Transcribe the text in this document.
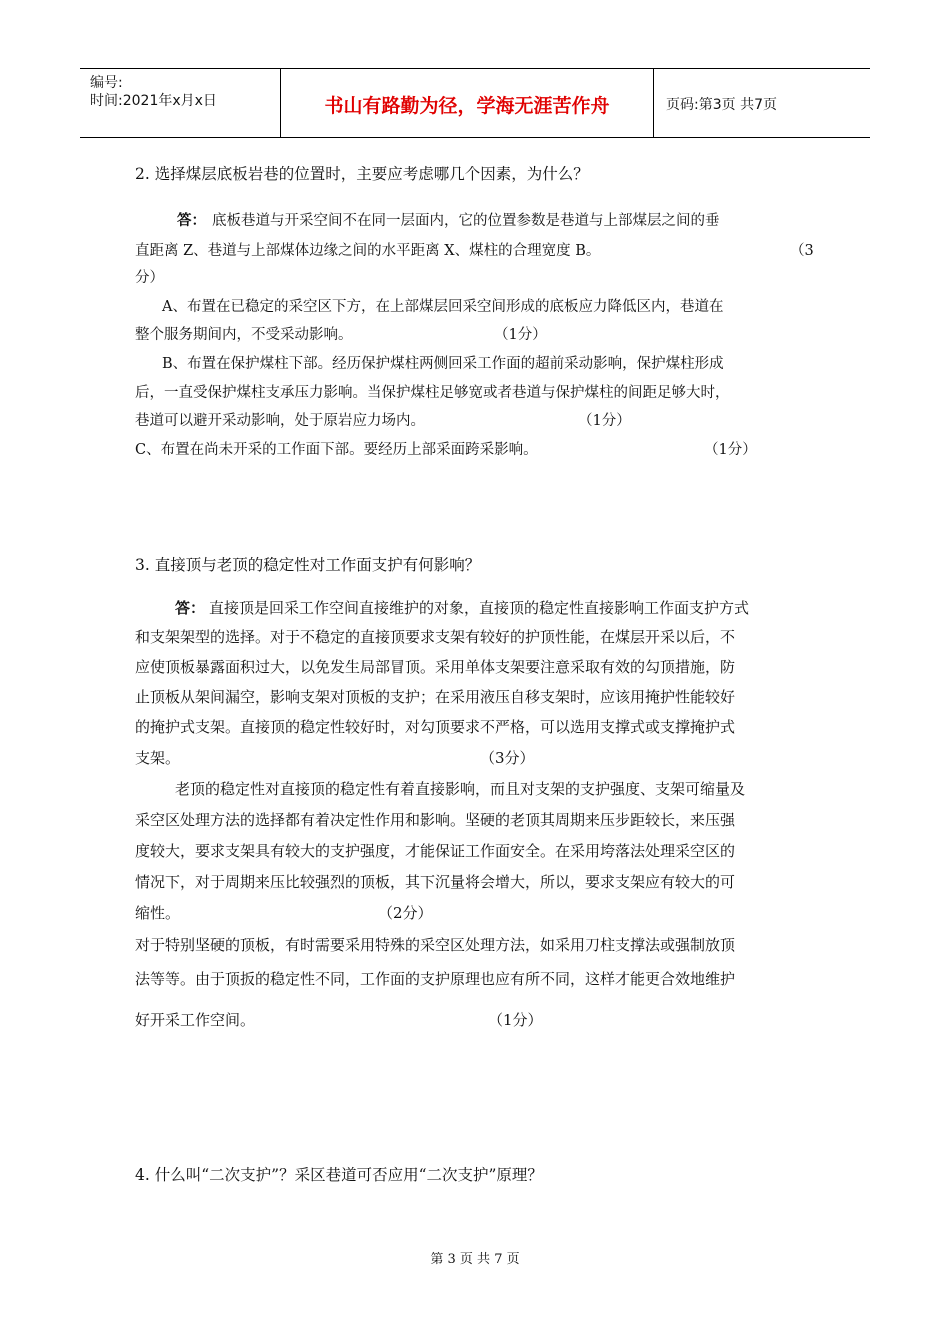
编号:
时间:2021年x月x日	书山有路勤为径，学海无涯苦作舟	页码:第3页 共7页
2. 选择煤层底板岩巷的位置时，主要应考虑哪几个因素，为什么？
答： 底板巷道与开采空间不在同一层面内，它的位置参数是巷道与上部煤层之间的垂
直距离 Z、巷道与上部煤体边缘之间的水平距离 X、煤柱的合理宽度 B。	（3
分）
A、布置在已稳定的采空区下方，在上部煤层回采空间形成的底板应力降低区内，巷道在
整个服务期间内，不受采动影响。	（1分）
B、布置在保护煤柱下部。经历保护煤柱两侧回采工作面的超前采动影响，保护煤柱形成
后，一直受保护煤柱支承压力影响。当保护煤柱足够宽或者巷道与保护煤柱的间距足够大时，
巷道可以避开采动影响，处于原岩应力场内。	（1分）
C、布置在尚未开采的工作面下部。要经历上部采面跨采影响。	（1分）
3. 直接顶与老顶的稳定性对工作面支护有何影响？
答： 直接顶是回采工作空间直接维护的对象，直接顶的稳定性直接影响工作面支护方式
和支架架型的选择。对于不稳定的直接顶要求支架有较好的护顶性能，在煤层开采以后，不
应使顶板暴露面积过大，以免发生局部冒顶。采用单体支架要注意采取有效的勾顶措施，防
止顶板从架间漏空，影响支架对顶板的支护；在采用液压自移支架时，应该用掩护性能较好
的掩护式支架。直接顶的稳定性较好时，对勾顶要求不严格，可以选用支撑式或支撑掩护式
支架。	（3分）
老顶的稳定性对直接顶的稳定性有着直接影响，而且对支架的支护强度、支架可缩量及
采空区处理方法的选择都有着决定性作用和影响。坚硬的老顶其周期来压步距较长，来压强
度较大，要求支架具有较大的支护强度，才能保证工作面安全。在采用垮落法处理采空区的
情况下，对于周期来压比较强烈的顶板，其下沉量将会增大，所以，要求支架应有较大的可
缩性。	（2分）
对于特别坚硬的顶板，有时需要采用特殊的采空区处理方法，如采用刀柱支撑法或强制放顶
法等等。由于顶扳的稳定性不同，工作面的支护原理也应有所不同，这样才能更合效地维护
好开采工作空间。	（1分）
4. 什么叫“二次支护”？采区巷道可否应用“二次支护”原理？
第 3 页 共 7 页
